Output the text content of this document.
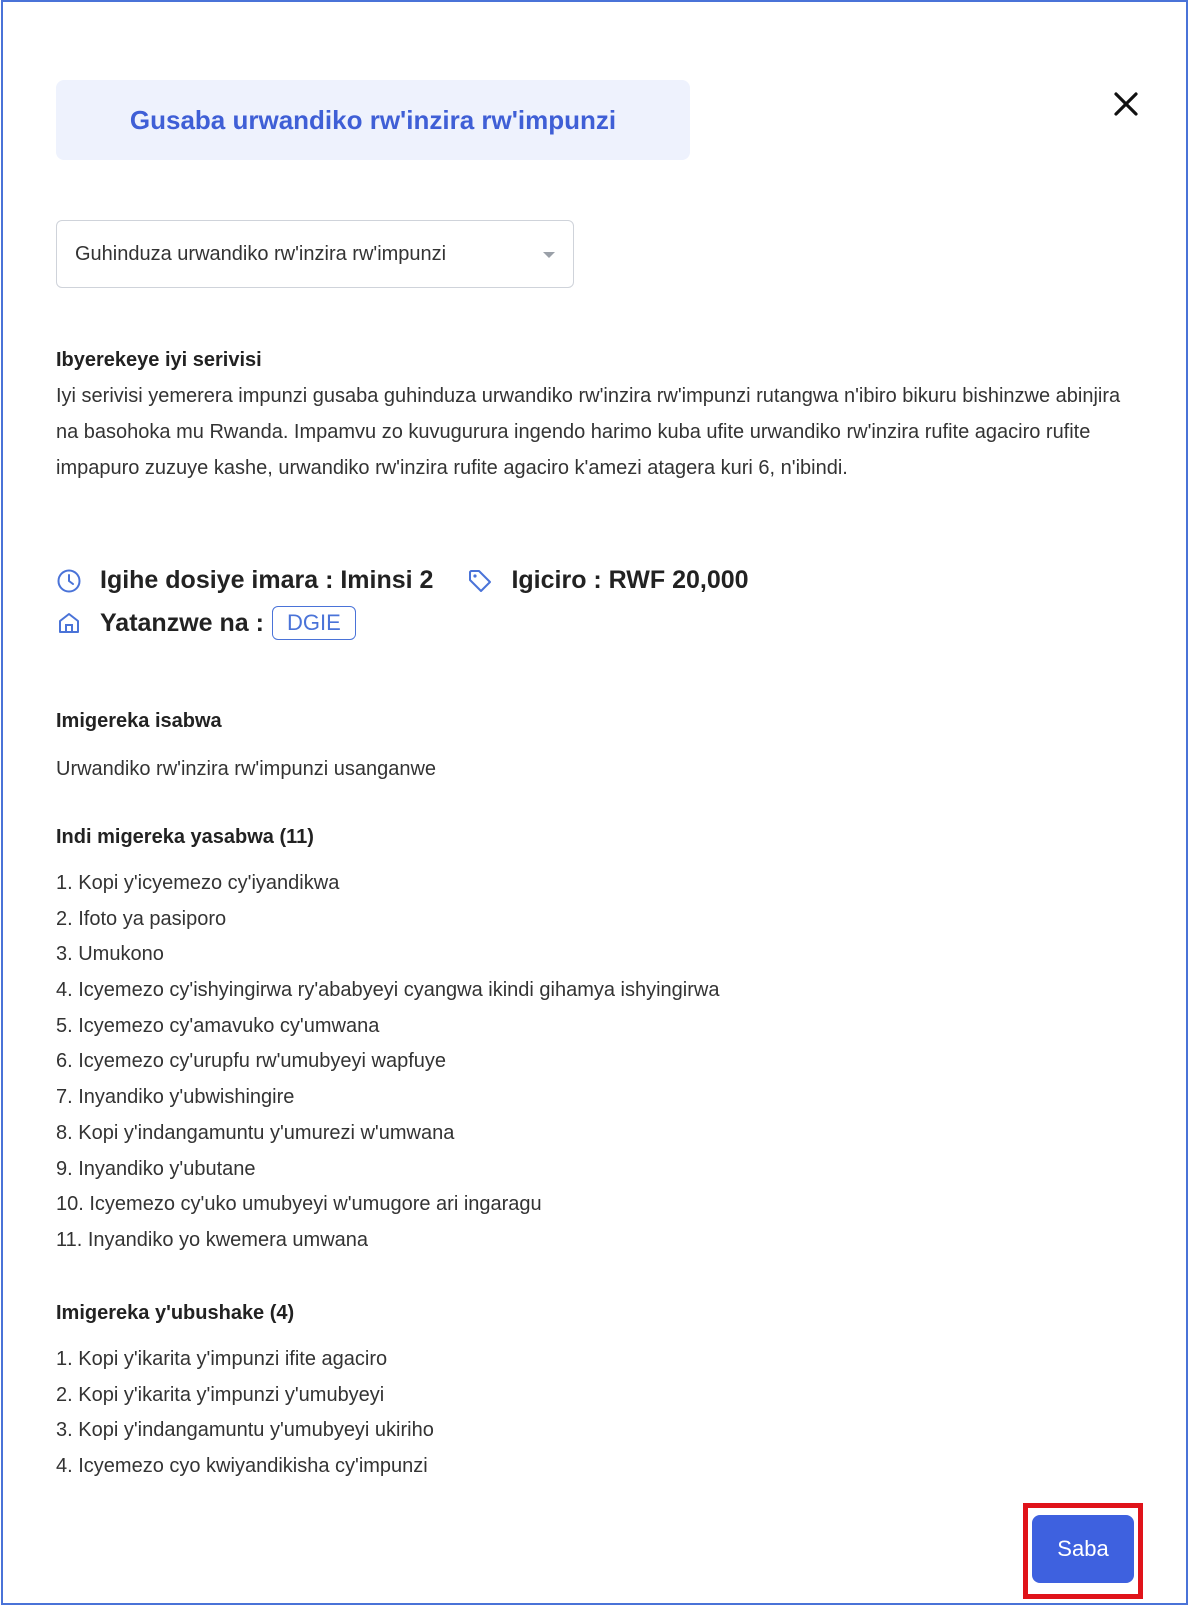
Gusaba urwandiko rw'inzira rw'impunzi
Guhinduza urwandiko rw'inzira rw'impunzi
Ibyerekeye iyi serivisi

Iyi serivisi yemerera impunzi gusaba guhinduza urwandiko rw'inzira rw'impunzi rutangwa n'ibiro bikuru bishinzwe abinjira na basohoka mu Rwanda. Impamvu zo kuvugurura ingendo harimo kuba ufite urwandiko rw'inzira rufite agaciro rufite impapuro zuzuye kashe, urwandiko rw'inzira rufite agaciro k'amezi atagera kuri 6, n'ibindi.

Igihe dosiye imara : Iminsi 2	Igiciro : RWF 20,000
Yatanzwe na :	DGIE
Imigereka isabwa
Urwandiko rw'inzira rw'impunzi usanganwe
Indi migereka yasabwa (11)
1. Kopi y'icyemezo cy'iyandikwa
2. Ifoto ya pasiporo
3. Umukono
4. Icyemezo cy'ishyingirwa ry'ababyeyi cyangwa ikindi gihamya ishyingirwa
5. Icyemezo cy'amavuko cy'umwana
6. Icyemezo cy'urupfu rw'umubyeyi wapfuye
7. Inyandiko y'ubwishingire
8. Kopi y'indangamuntu y'umurezi w'umwana
9. Inyandiko y'ubutane
10. Icyemezo cy'uko umubyeyi w'umugore ari ingaragu
11. Inyandiko yo kwemera umwana
Imigereka y'ubushake (4)
1. Kopi y'ikarita y'impunzi ifite agaciro
2. Kopi y'ikarita y'impunzi y'umubyeyi
3. Kopi y'indangamuntu y'umubyeyi ukiriho
4. Icyemezo cyo kwiyandikisha cy'impunzi
Saba
